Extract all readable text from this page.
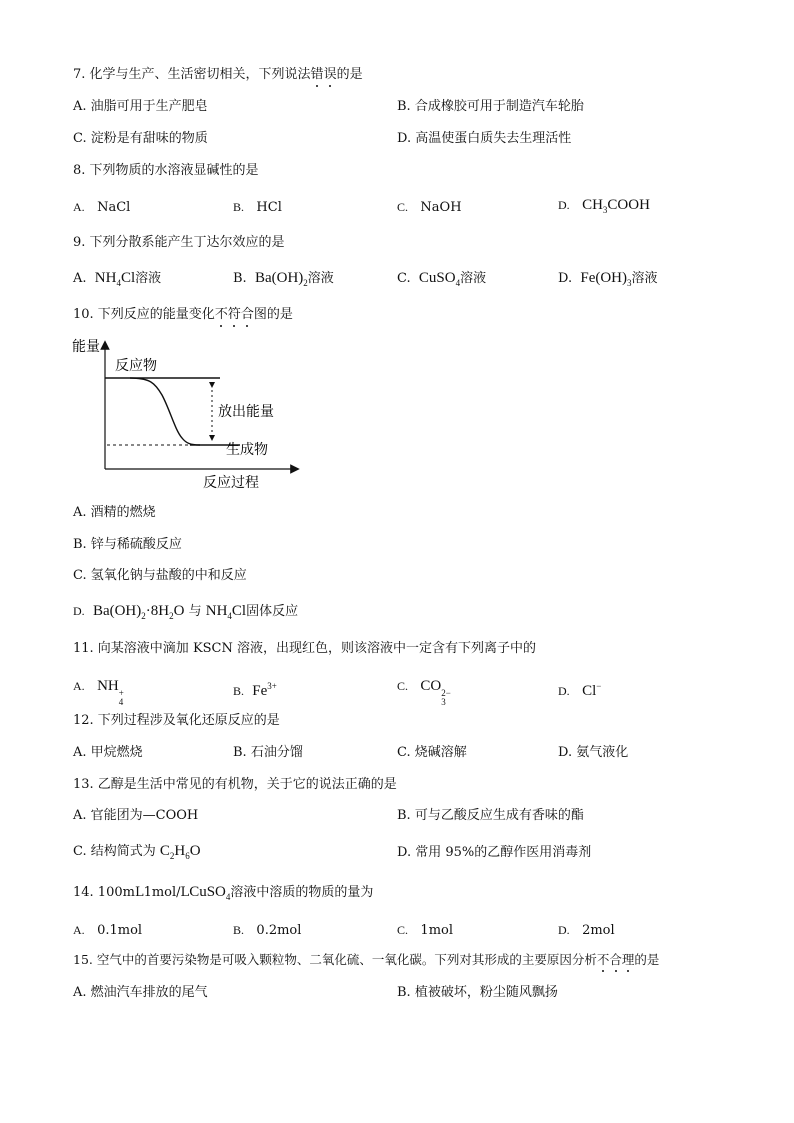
7. 化学与生产、生活密切相关，下列说法错误的是
A. 油脂可用于生产肥皂	B. 合成橡胶可用于制造汽车轮胎
C. 淀粉是有甜味的物质	D. 高温使蛋白质失去生理活性
8. 下列物质的水溶液显碱性的是
A. NaCl	B. HCl	C. NaOH	D. $CH_3COOH$
9. 下列分散系能产生丁达尔效应的是
A. $NH_4Cl$溶液	B. $Ba(OH)_2$溶液	C. CuSO$_4$溶液	D. $Fe(OH)_3$溶液
10. 下列反应的能量变化不符合图的是
能量
反应物
放出能量
生成物
反应过程
A. 酒精的燃烧
B. 锌与稀硫酸反应
C. 氢氧化钠与盐酸的中和反应
D. $Ba(OH)_2\cdot 8H_2O$ 与 $NH_4Cl$固体反应
11. 向某溶液中滴加 KSCN 溶液，出现红色，则该溶液中一定含有下列离子中的
A. NH +
4
B. $Fe^{3+}$	C. CO 2−
3
D. Cl−
12. 下列过程涉及氧化还原反应的是
A. 甲烷燃烧	B. 石油分馏	C. 烧碱溶解	D. 氨气液化
13. 乙醇是生活中常见的有机物，关于它的说法正确的是
A. 官能团为—COOH	B. 可与乙酸反应生成有香味的酯
C. 结构简式为 $C_2H_6O$	D. 常用 95%的乙醇作医用消毒剂
14. 100mL1mol/LCuSO$_4$溶液中溶质的物质的量为
A. 0.1mol	B. 0.2mol	C. 1mol	D. 2mol
15. 空气中的首要污染物是可吸入颗粒物、二氧化硫、一氧化碳。下列对其形成的主要原因分析不合理的是
A. 燃油汽车排放的尾气	B. 植被破坏，粉尘随风飘扬
